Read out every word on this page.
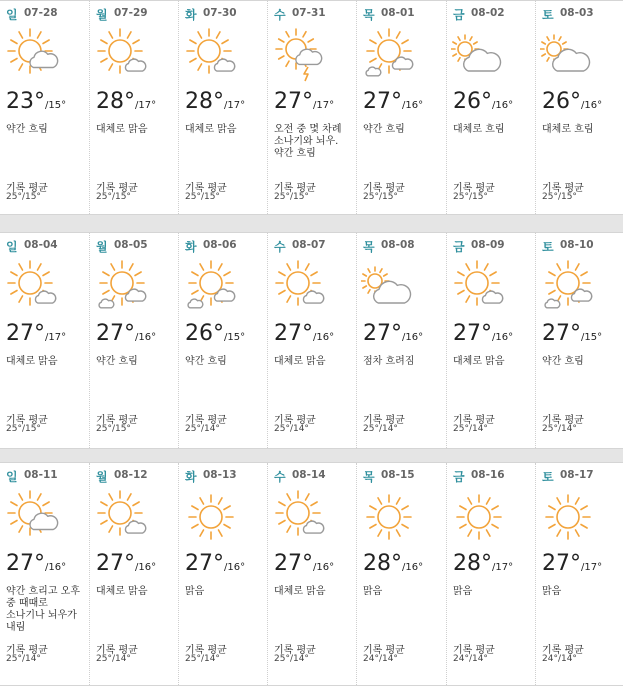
일 07-28
23°/15°
약간 흐림
기록 평균
25°/15°
월 07-29
28°/17°
대체로 맑음
기록 평균
25°/15°
화 07-30
28°/17°
대체로 맑음
기록 평균
25°/15°
수 07-31
27°/17°
오전 중 몇 차례 소나기와 뇌우. 약간 흐림
기록 평균
25°/15°
목 08-01
27°/16°
약간 흐림
기록 평균
25°/15°
금 08-02
26°/16°
대체로 흐림
기록 평균
25°/15°
토 08-03
26°/16°
대체로 흐림
기록 평균
25°/15°
일 08-04
27°/17°
대체로 맑음
기록 평균
25°/15°
월 08-05
27°/16°
약간 흐림
기록 평균
25°/15°
화 08-06
26°/15°
약간 흐림
기록 평균
25°/14°
수 08-07
27°/16°
대체로 맑음
기록 평균
25°/14°
목 08-08
27°/16°
점차 흐려짐
기록 평균
25°/14°
금 08-09
27°/16°
대체로 맑음
기록 평균
25°/14°
토 08-10
27°/15°
약간 흐림
기록 평균
25°/14°
일 08-11
27°/16°
약간 흐리고 오후 중 때때로 소나기나 뇌우가 내림
기록 평균
25°/14°
월 08-12
27°/16°
대체로 맑음
기록 평균
25°/14°
화 08-13
27°/16°
맑음
기록 평균
25°/14°
수 08-14
27°/16°
대체로 맑음
기록 평균
25°/14°
목 08-15
28°/16°
맑음
기록 평균
24°/14°
금 08-16
28°/17°
맑음
기록 평균
24°/14°
토 08-17
27°/17°
맑음
기록 평균
24°/14°
